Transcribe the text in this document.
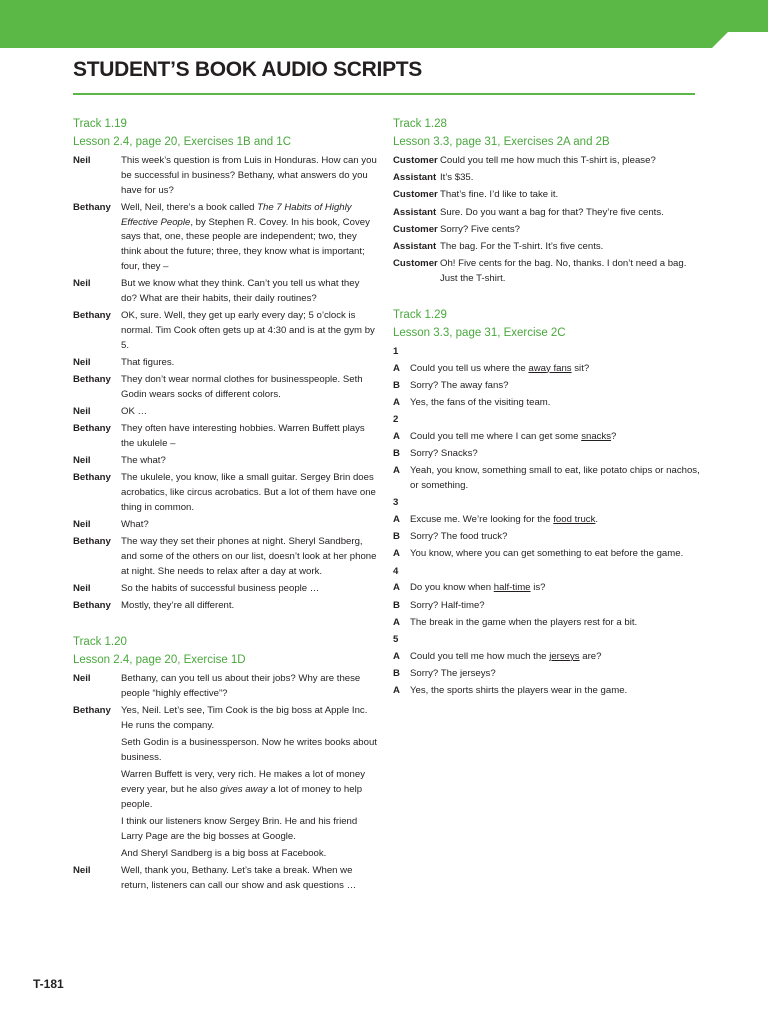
STUDENT’S BOOK AUDIO SCRIPTS

Track 1.19

Lesson 2.4, page 20, Exercises 1B and 1C

Neil	This week’s question is from Luis in Honduras. How can you be successful in business? Bethany, what answers do you have for us?
Bethany	Well, Neil, there’s a book called The 7 Habits of Highly Effective People, by Stephen R. Covey. In his book, Covey says that, one, these people are independent; two, they think about the future; three, they know what is important; four, they –
Neil	But we know what they think. Can’t you tell us what they do? What are their habits, their daily routines?
Bethany	OK, sure. Well, they get up early every day; 5 o’clock is normal. Tim Cook often gets up at 4:30 and is at the gym by 5.
Neil	That figures.
Bethany	They don’t wear normal clothes for businesspeople. Seth Godin wears socks of different colors.
Neil	OK …
Bethany	They often have interesting hobbies. Warren Buffett plays the ukulele –
Neil	The what?
Bethany	The ukulele, you know, like a small guitar. Sergey Brin does acrobatics, like circus acrobatics. But a lot of them have one thing in common.
Neil	What?
Bethany	The way they set their phones at night. Sheryl Sandberg, and some of the others on our list, doesn’t look at her phone at night. She needs to relax after a day at work.
Neil	So the habits of successful business people …
Bethany	Mostly, they’re all different.

Track 1.20

Lesson 2.4, page 20, Exercise 1D

Neil	Bethany, can you tell us about their jobs? Why are these people “highly effective”?
Bethany	Yes, Neil. Let’s see, Tim Cook is the big boss at Apple Inc. He runs the company.
Seth Godin is a businessperson. Now he writes books about business.
Warren Buffett is very, very rich. He makes a lot of money every year, but he also gives away a lot of money to help people.
I think our listeners know Sergey Brin. He and his friend Larry Page are the big bosses at Google.
And Sheryl Sandberg is a big boss at Facebook.
Neil	Well, thank you, Bethany. Let’s take a break. When we return, listeners can call our show and ask questions …

Track 1.28

Lesson 3.3, page 31, Exercises 2A and 2B

Customer Could you tell me how much this T-shirt is, please?
Assistant It’s $35.
Customer That’s fine. I’d like to take it.
Assistant Sure. Do you want a bag for that? They’re five cents.
Customer Sorry? Five cents?
Assistant The bag. For the T-shirt. It’s five cents.
Customer Oh! Five cents for the bag. No, thanks. I don’t need a bag. Just the T-shirt.

Track 1.29

Lesson 3.3, page 31, Exercise 2C

1
A	Could you tell us where the away fans sit?
B	Sorry? The away fans?
A	Yes, the fans of the visiting team.
2
A	Could you tell me where I can get some snacks?
B	Sorry? Snacks?
A	Yeah, you know, something small to eat, like potato chips or nachos, or something.
3
A	Excuse me. We’re looking for the food truck.
B	Sorry? The food truck?
A	You know, where you can get something to eat before the game.
4
A	Do you know when half-time is?
B	Sorry? Half-time?
A	The break in the game when the players rest for a bit.
5
A	Could you tell me how much the jerseys are?
B	Sorry? The jerseys?
A	Yes, the sports shirts the players wear in the game.
T-181
